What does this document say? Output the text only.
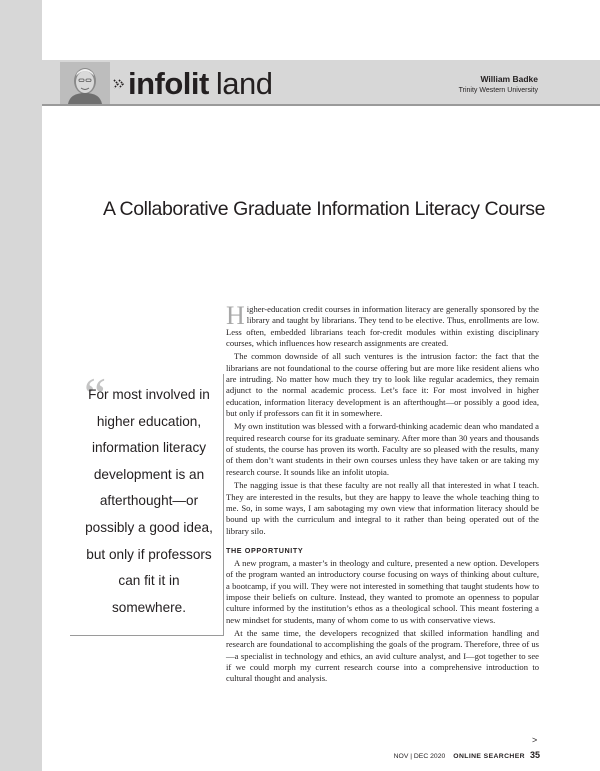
infolit land	William Badke
Trinity Western University
A Collaborative Graduate Information Literacy Course
“

For most involved in higher education, information literacy development is an afterthought—or possibly a good idea, but only if professors can fit it in somewhere.

Higher-education credit courses in information literacy are generally sponsored by the library and taught by librarians. They tend to be elective. Thus, enrollments are low. Less often, embedded librarians teach for-credit modules within existing disciplinary courses, which influences how research assignments are created.

The common downside of all such ventures is the intrusion factor: the fact that the librarians are not foundational to the course offering but are more like resident aliens who are intruding. No matter how much they try to look like regular academics, they remain adjunct to the normal academic process. Let’s face it: For most involved in higher education, information literacy development is an afterthought—or possibly a good idea, but only if professors can fit it in somewhere.

My own institution was blessed with a forward-thinking academic dean who mandated a required research course for its graduate seminary. After more than 30 years and thousands of students, the course has proven its worth. Faculty are so pleased with the results, many of them don’t want students in their own courses unless they have taken or are taking my research course. It sounds like an infolit utopia.

The nagging issue is that these faculty are not really all that interested in what I teach. They are interested in the results, but they are happy to leave the whole teaching thing to me. So, in some ways, I am sabotaging my own view that information literacy should be bound up with the curriculum and integral to it rather than being operated out of the library silo.

THE OPPORTUNITY

A new program, a master’s in theology and culture, presented a new option. Developers of the program wanted an introductory course focusing on ways of thinking about culture, a bootcamp, if you will. They were not interested in something that taught students how to impose their beliefs on culture. Instead, they wanted to promote an openness to popular culture informed by the institution’s ethos as a theological school. This meant fostering a new mindset for students, many of whom come to us with conservative views.

At the same time, the developers recognized that skilled information handling and research are foundational to accomplishing the goals of the program. Therefore, three of us—a specialist in technology and ethics, an avid culture analyst, and I—got together to see if we could morph my current research course into a comprehensive introduction to cultural thought and analysis.

>
NOV | DEC 2020 ONLINE SEARCHER 35
